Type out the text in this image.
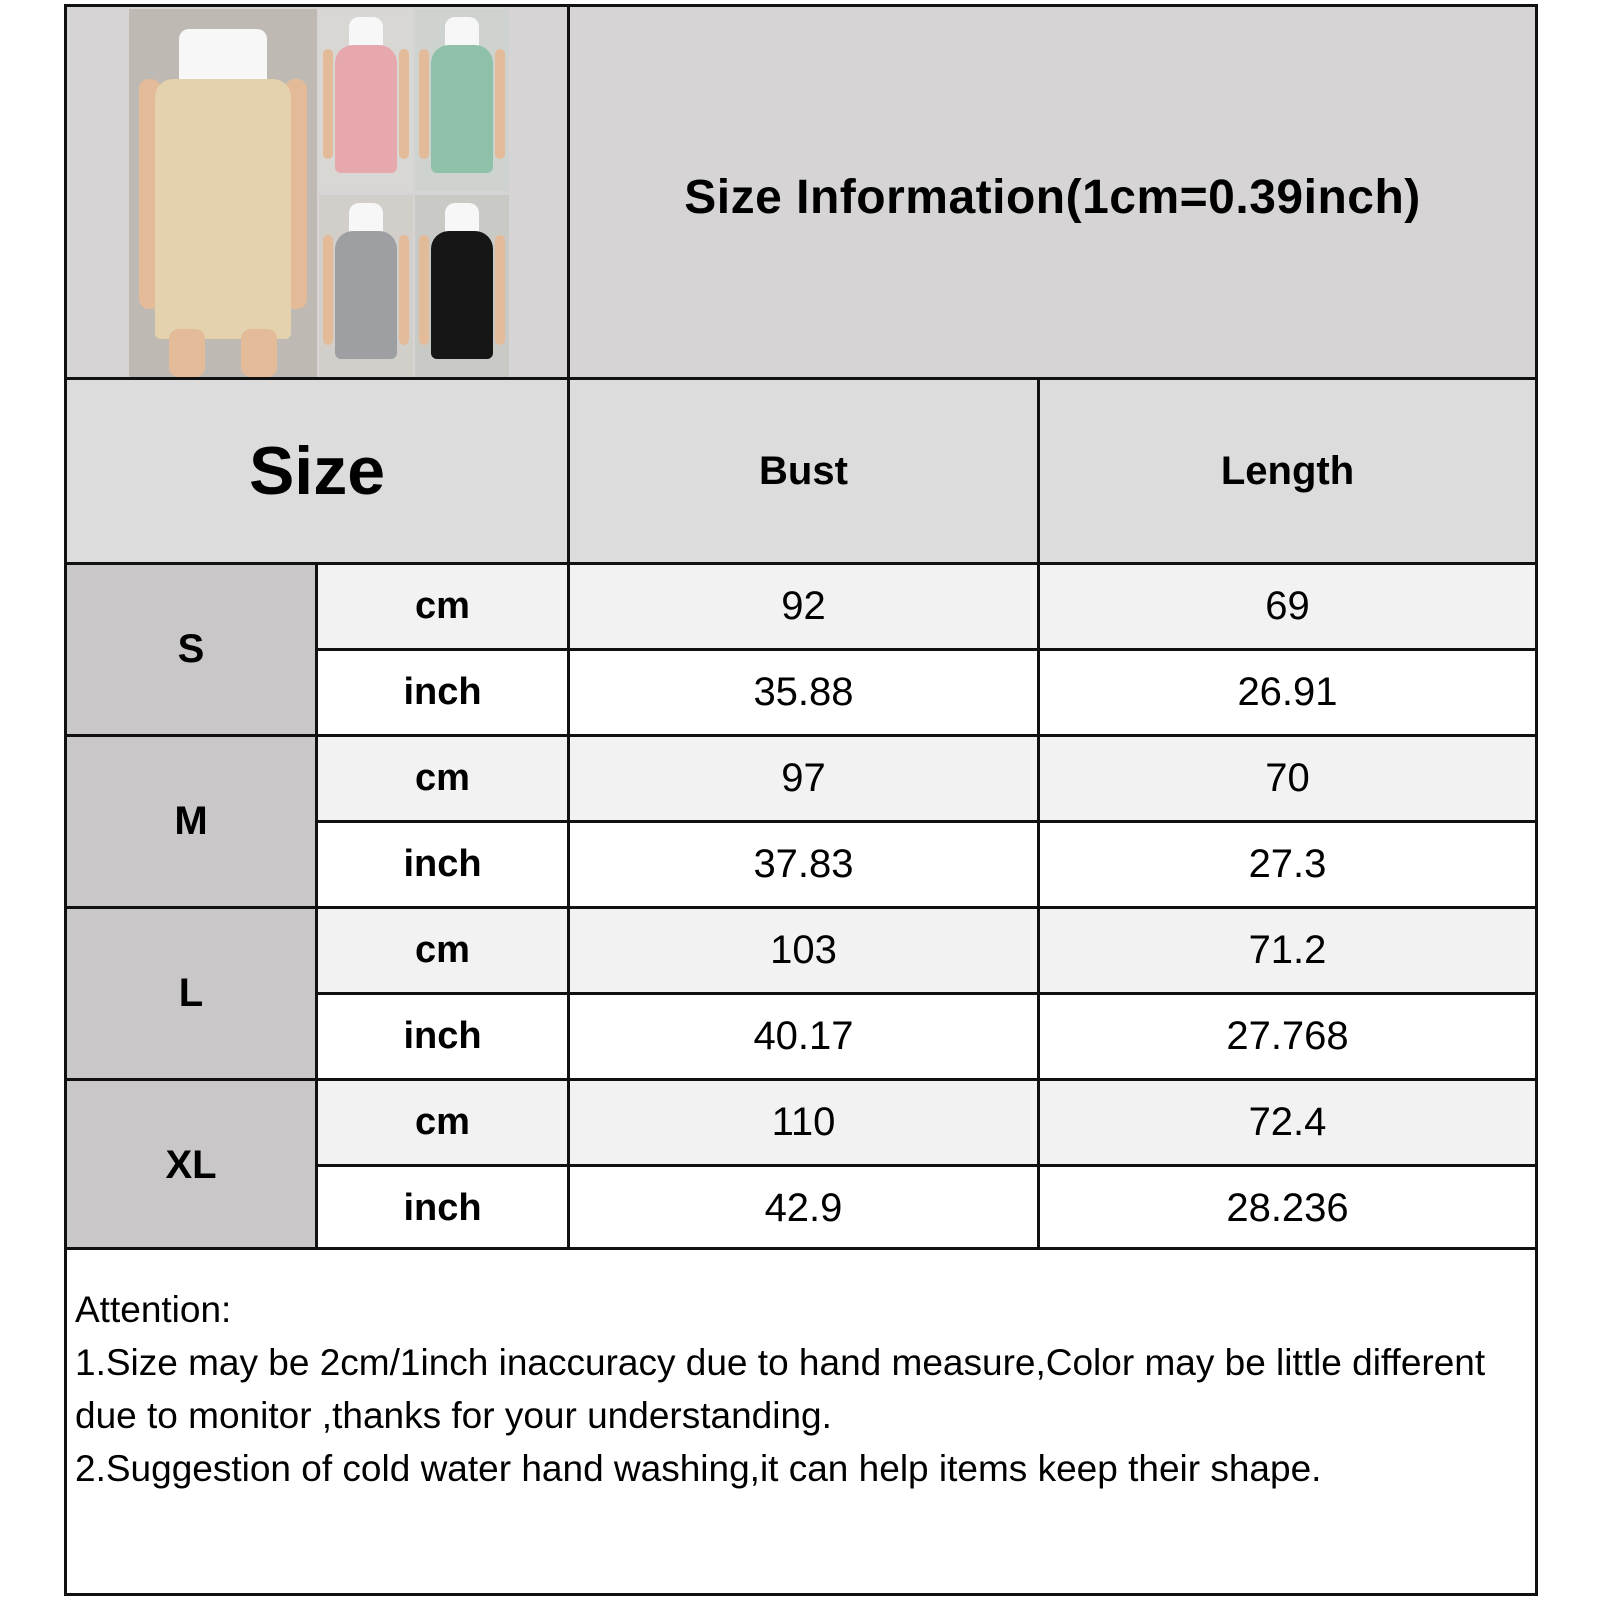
Size Information(1cm=0.39inch)
Size	Bust	Length
S
cm	92	69
inch	35.88	26.91
M
cm	97	70
inch	37.83	27.3
L
cm	103	71.2
inch	40.17	27.768
XL
cm	110	72.4
inch	42.9	28.236
Attention:
1.Size may be 2cm/1inch inaccuracy due to hand measure,Color may be little different due to monitor ,thanks for your understanding.
2.Suggestion of cold water hand washing,it can help items keep their shape.
